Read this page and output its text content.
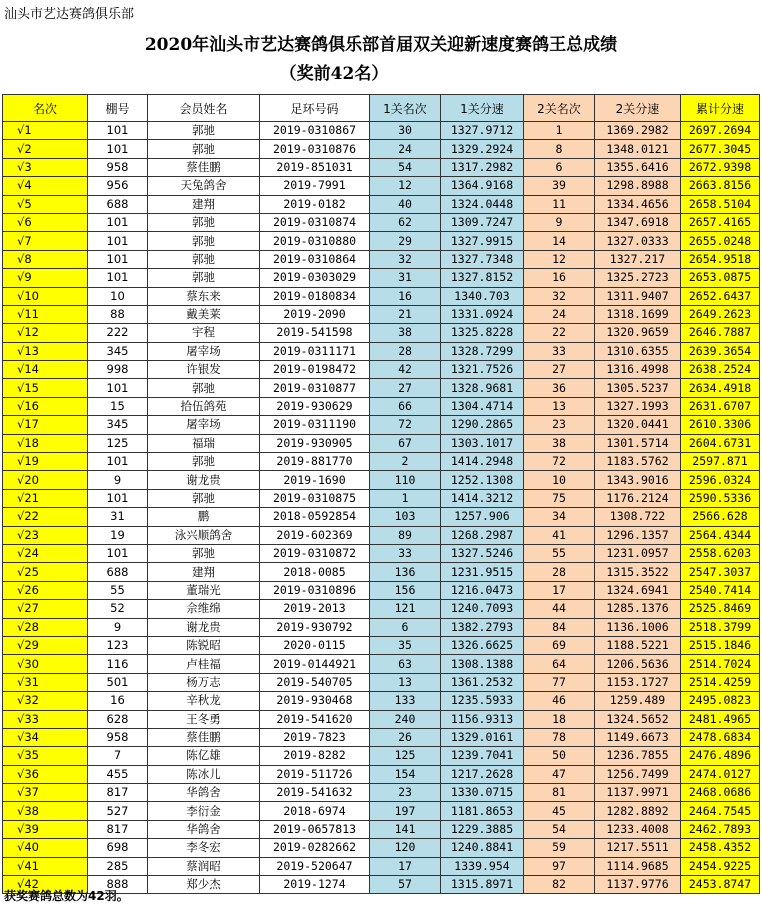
汕头市艺达赛鸽俱乐部
2020年汕头市艺达赛鸽俱乐部首届双关迎新速度赛鸽王总成绩
（奖前42名）
名次	棚号	会员姓名	足环号码	1关名次	1关分速	2关名次	2关分速	累计分速
√1	101	郭驰	2019-0310867	30	1327.9712	1	1369.2982	2697.2694
√2	101	郭驰	2019-0310876	24	1329.2924	8	1348.0121	2677.3045
√3	958	蔡佳鹏	2019-851031	54	1317.2982	6	1355.6416	2672.9398
√4	956	天兔鸽舍	2019-7991	12	1364.9168	39	1298.8988	2663.8156
√5	688	建翔	2019-0182	40	1324.0448	11	1334.4656	2658.5104
√6	101	郭驰	2019-0310874	62	1309.7247	9	1347.6918	2657.4165
√7	101	郭驰	2019-0310880	29	1327.9915	14	1327.0333	2655.0248
√8	101	郭驰	2019-0310864	32	1327.7348	12	1327.217	2654.9518
√9	101	郭驰	2019-0303029	31	1327.8152	16	1325.2723	2653.0875
√10	10	蔡东来	2019-0180834	16	1340.703	32	1311.9407	2652.6437
√11	88	戴美莱	2019-2090	21	1331.0924	24	1318.1699	2649.2623
√12	222	宇程	2019-541598	38	1325.8228	22	1320.9659	2646.7887
√13	345	屠宰场	2019-0311171	28	1328.7299	33	1310.6355	2639.3654
√14	998	许银发	2019-0198472	42	1321.7526	27	1316.4998	2638.2524
√15	101	郭驰	2019-0310877	27	1328.9681	36	1305.5237	2634.4918
√16	15	拾伍鸽苑	2019-930629	66	1304.4714	13	1327.1993	2631.6707
√17	345	屠宰场	2019-0311190	72	1290.2865	23	1320.0441	2610.3306
√18	125	福瑞	2019-930905	67	1303.1017	38	1301.5714	2604.6731
√19	101	郭驰	2019-881770	2	1414.2948	72	1183.5762	2597.871
√20	9	谢龙贵	2019-1690	110	1252.1308	10	1343.9016	2596.0324
√21	101	郭驰	2019-0310875	1	1414.3212	75	1176.2124	2590.5336
√22	31	鹏	2018-0592854	103	1257.906	34	1308.722	2566.628
√23	19	泳兴顺鸽舍	2019-602369	89	1268.2987	41	1296.1357	2564.4344
√24	101	郭驰	2019-0310872	33	1327.5246	55	1231.0957	2558.6203
√25	688	建翔	2018-0085	136	1231.9515	28	1315.3522	2547.3037
√26	55	董瑞光	2019-0310896	156	1216.0473	17	1324.6941	2540.7414
√27	52	佘维绵	2019-2013	121	1240.7093	44	1285.1376	2525.8469
√28	9	谢龙贵	2019-930792	6	1382.2793	84	1136.1006	2518.3799
√29	123	陈锐昭	2020-0115	35	1326.6625	69	1188.5221	2515.1846
√30	116	卢桂福	2019-0144921	63	1308.1388	64	1206.5636	2514.7024
√31	501	杨万志	2019-540705	13	1361.2532	77	1153.1727	2514.4259
√32	16	辛秋龙	2019-930468	133	1235.5933	46	1259.489	2495.0823
√33	628	王冬勇	2019-541620	240	1156.9313	18	1324.5652	2481.4965
√34	958	蔡佳鹏	2019-7823	26	1329.0161	78	1149.6673	2478.6834
√35	7	陈亿雄	2019-8282	125	1239.7041	50	1236.7855	2476.4896
√36	455	陈冰儿	2019-511726	154	1217.2628	47	1256.7499	2474.0127
√37	817	华鸽舍	2019-541632	23	1330.0715	81	1137.9971	2468.0686
√38	527	李衍金	2018-6974	197	1181.8653	45	1282.8892	2464.7545
√39	817	华鸽舍	2019-0657813	141	1229.3885	54	1233.4008	2462.7893
√40	698	李冬宏	2019-0282662	120	1240.8841	59	1217.5511	2458.4352
√41	285	蔡润昭	2019-520647	17	1339.954	97	1114.9685	2454.9225
√42	888	郑少杰	2019-1274	57	1315.8971	82	1137.9776	2453.8747
获奖赛鸽总数为42羽。
